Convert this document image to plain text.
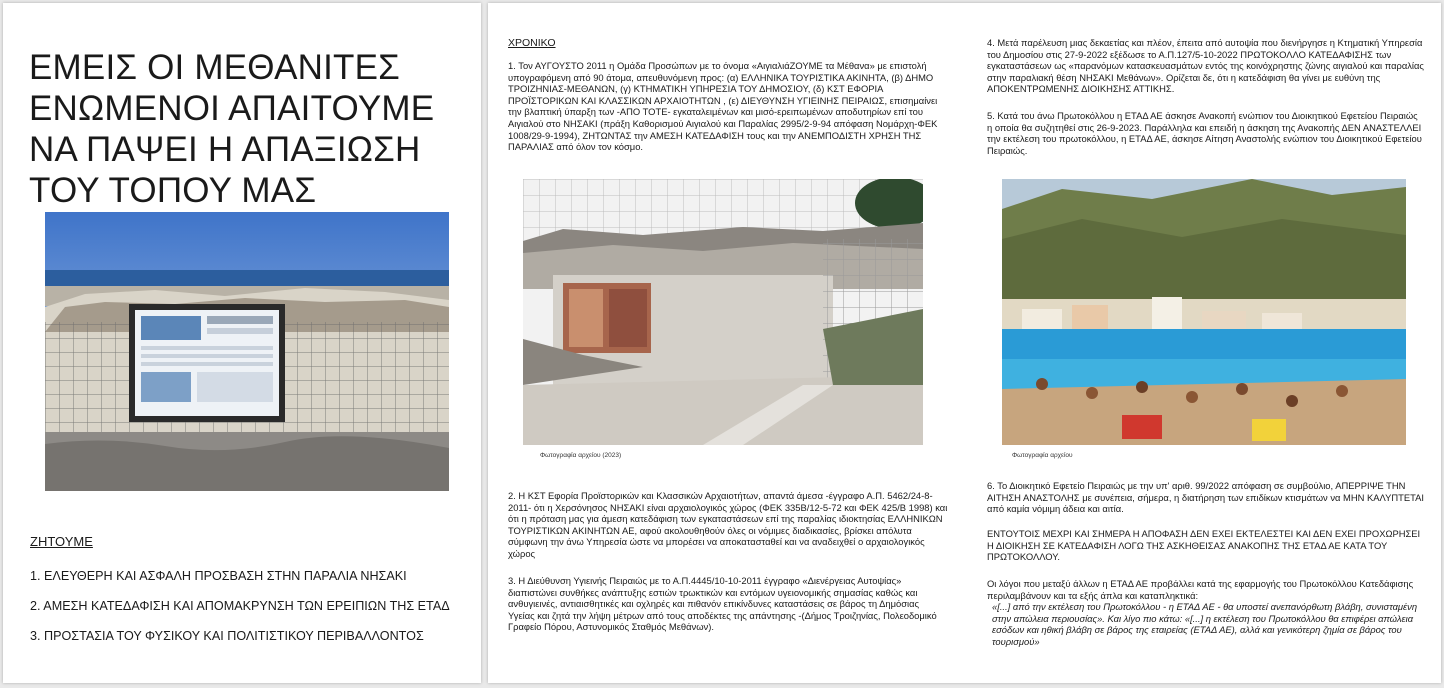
ΕΜΕΙΣ ΟΙ ΜΕΘΑΝΙΤΕΣ
ΕΝΩΜΕΝΟΙ ΑΠΑΙΤΟΥΜΕ
ΝΑ ΠΑΨΕΙ Η ΑΠΑΞΙΩΣΗ
ΤΟΥ ΤΟΠΟΥ ΜΑΣ
ΖΗΤΟΥΜΕ
1. ΕΛΕΥΘΕΡΗ ΚΑΙ ΑΣΦΑΛΗ ΠΡΟΣΒΑΣΗ ΣΤΗΝ ΠΑΡΑΛΙΑ ΝΗΣΑΚΙ
2. ΑΜΕΣΗ ΚΑΤΕΔΑΦΙΣΗ ΚΑΙ ΑΠΟΜΑΚΡΥΝΣΗ ΤΩΝ ΕΡΕΙΠΙΩΝ ΤΗΣ ΕΤΑΔ
3. ΠΡΟΣΤΑΣΙΑ ΤΟΥ ΦΥΣΙΚΟΥ ΚΑΙ ΠΟΛΙΤΙΣΤΙΚΟΥ ΠΕΡΙΒΑΛΛΟΝΤΟΣ
ΧΡΟΝΙΚΟ

1. Τον ΑΥΓΟΥΣΤΟ 2011 η Ομάδα Προσώπων με το όνομα «ΑιγιαλιάΖΟΥΜΕ τα Μέθανα» με επιστολή υπογραφόμενη από 90 άτομα, απευθυνόμενη προς: (α) ΕΛΛΗΝΙΚΑ ΤΟΥΡΙΣΤΙΚΑ ΑΚΙΝΗΤΑ, (β) ΔΗΜΟ ΤΡΟΙΖΗΝΙΑΣ-ΜΕΘΑΝΩΝ, (γ) ΚΤΗΜΑΤΙΚΗ ΥΠΗΡΕΣΙΑ ΤΟΥ ΔΗΜΟΣΙΟΥ, (δ) ΚΣΤ ΕΦΟΡΙΑ ΠΡΟΪΣΤΟΡΙΚΩΝ ΚΑΙ ΚΛΑΣΣΙΚΩΝ ΑΡΧΑΙΟΤΗΤΩΝ , (ε) ΔΙΕΥΘΥΝΣΗ ΥΓΙΕΙΝΗΣ ΠΕΙΡΑΙΩΣ, επισημαίνει την βλαπτική ύπαρξη των -ΑΠΟ ΤΟΤΕ- εγκαταλειμένων και μισό-ερειπωμένων αποδυτηρίων επί του Αιγιαλού στο ΝΗΣΑΚΙ (πράξη Καθορισμού Αιγιαλού και Παραλίας 2995/2-9-94 απόφαση Νομάρχη-ΦΕΚ 1008/29-9-1994), ΖΗΤΩΝΤΑΣ την ΑΜΕΣΗ ΚΑΤΕΔΑΦΙΣΗ τους και την ΑΝΕΜΠΟΔΙΣΤΗ ΧΡΗΣΗ ΤΗΣ ΠΑΡΑΛΙΑΣ από όλον τον κόσμο.

Φωτογραφία αρχείου (2023)

2. Η ΚΣΤ Εφορία Προϊστορικών και Κλασσικών Αρχαιοτήτων, απαντά άμεσα -έγγραφο Α.Π. 5462/24-8-2011- ότι η Χερσόνησος ΝΗΣΑΚΙ είναι αρχαιολογικός χώρος (ΦΕΚ 335Β/12-5-72 και ΦΕΚ 425/Β 1998) και ότι η πρόταση μας για άμεση κατεδάφιση των εγκαταστάσεων επί της παραλίας ιδιοκτησίας ΕΛΛΗΝΙΚΩΝ ΤΟΥΡΙΣΤΙΚΩΝ ΑΚΙΝΗΤΩΝ ΑΕ, αφού ακολουθηθούν όλες οι νόμιμες διαδικασίες, βρίσκει απόλυτα σύμφωνη την άνω Υπηρεσία ώστε να μπορέσει να αποκατασταθεί και να αναδειχθεί ο αρχαιολογικός χώρος

3. Η Διεύθυνση Υγιεινής Πειραιώς με το Α.Π.4445/10-10-2011 έγγραφο «Διενέργειας Αυτοψίας» διαπιστώνει συνθήκες ανάπτυξης εστιών τρωκτικών και εντόμων υγειονομικής σημασίας καθώς και ανθυγιεινές, αντιαισθητικές και οχληρές και πιθανόν επικίνδυνες καταστάσεις σε βάρος τη Δημόσιας Υγείας και ζητά την λήψη μέτρων από τους αποδέκτες της απάντησης -(Δήμος Τροιζηνίας, Πολεοδομικό Γραφείο Πόρου, Αστυνομικός Σταθμός Μεθάνων).

4. Μετά παρέλευση μιας δεκαετίας και πλέον, έπειτα από αυτοψία που διενήργησε η Κτηματική Υπηρεσία του Δημοσίου στις 27-9-2022 εξέδωσε το Α.Π.127/5-10-2022 ΠΡΩΤΟΚΟΛΛΟ ΚΑΤΕΔΑΦΙΣΗΣ των εγκαταστάσεων ως «παρανόμων κατασκευασμάτων εντός της κοινόχρηστης ζώνης αιγιαλού και παραλίας στην παραλιακή θέση ΝΗΣΑΚΙ Μεθάνων». Ορίζεται δε, ότι η κατεδάφιση θα γίνει με ευθύνη της ΑΠΟΚΕΝΤΡΩΜΕΝΗΣ ΔΙΟΙΚΗΣΗΣ ΑΤΤΙΚΗΣ.

5. Κατά του άνω Πρωτοκόλλου η ΕΤΑΔ ΑΕ άσκησε Ανακοπή ενώπιον του Διοικητικού Εφετείου Πειραιώς η οποία θα συζητηθεί στις 26-9-2023. Παράλληλα και επειδή η άσκηση της Ανακοπής ΔΕΝ ΑΝΑΣΤΕΛΛΕΙ την εκτέλεση του πρωτοκόλλου, η ΕΤΑΔ ΑΕ, άσκησε Αίτηση Αναστολής ενώπιον του Διοικητικού Εφετείου Πειραιώς.

Φωτογραφία αρχείου

6. Το Διοικητικό Εφετείο Πειραιώς με την υπ' αριθ. 99/2022 απόφαση σε συμβούλιο, ΑΠΕΡΡΙΨΕ ΤΗΝ ΑΙΤΗΣΗ ΑΝΑΣΤΟΛΗΣ με συνέπεια, σήμερα, η διατήρηση των επιδίκων κτισμάτων να ΜΗΝ ΚΑΛΥΠΤΕΤΑΙ από καμία νόμιμη άδεια και αιτία.

ΕΝΤΟΥΤΟΙΣ ΜΕΧΡΙ ΚΑΙ ΣΗΜΕΡΑ Η ΑΠΟΦΑΣΗ ΔΕΝ ΕΧΕΙ ΕΚΤΕΛΕΣΤΕΙ ΚΑΙ ΔΕΝ ΕΧΕΙ ΠΡΟΧΩΡΗΣΕΙ Η ΔΙΟΙΚΗΣΗ ΣΕ ΚΑΤΕΔΑΦΙΣΗ ΛΟΓΩ ΤΗΣ ΑΣΚΗΘΕΙΣΑΣ ΑΝΑΚΟΠΗΣ ΤΗΣ ΕΤΑΔ ΑΕ ΚΑΤΑ ΤΟΥ ΠΡΩΤΟΚΟΛΛΟΥ.

Οι λόγοι που μεταξύ άλλων η ΕΤΑΔ ΑΕ προβάλλει κατά της εφαρμογής του Πρωτοκόλλου Κατεδάφισης περιλαμβάνουν και τα εξής άπλα και καταπληκτικά:

«[...] από την εκτέλεση του Πρωτοκόλλου - η ΕΤΑΔ ΑΕ - θα υποστεί ανεπανόρθωτη βλάβη, συνισταμένη στην απώλεια περιουσίας». Και λίγο πιο κάτω: «[...] η εκτέλεση του Πρωτοκόλλου θα επιφέρει απώλεια εσόδων και ηθική βλάβη σε βάρος της εταιρείας (ΕΤΑΔ ΑΕ), αλλά και γενικότερη ζημία σε βάρος του τουρισμού»
